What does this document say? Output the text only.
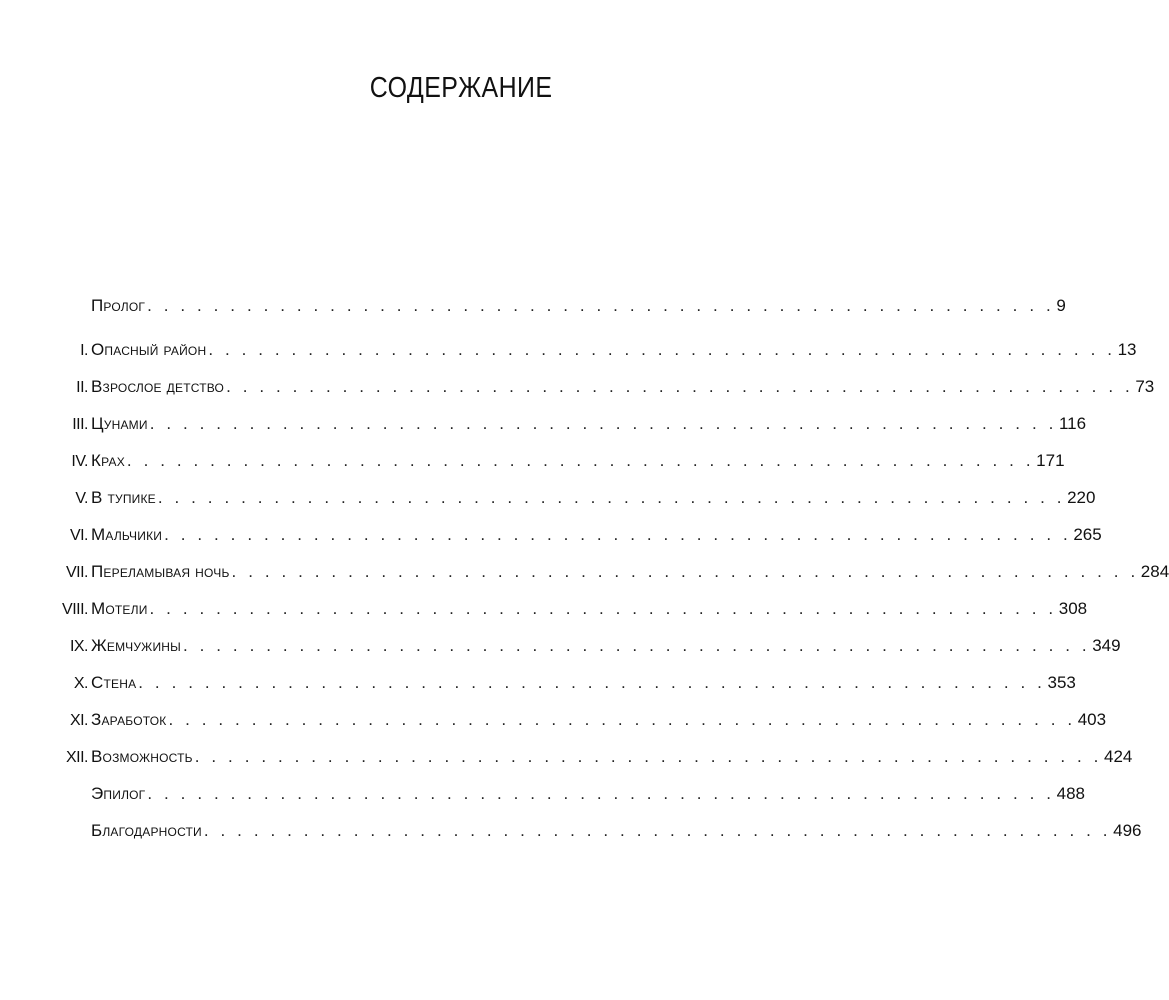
СОДЕРЖАНИЕ
Пролог . . . . . . . . . . . . . . . . . . . . . . . . . . . . . . . . . . . . . . . . . . . . . . . . . . . . . . . 9
I. Опасный район . . . . . . . . . . . . . . . . . . . . . . . . . . . . . . . . . . . . . . . . . . . . . . . . . . . . . . . 13
II. Взрослое детство . . . . . . . . . . . . . . . . . . . . . . . . . . . . . . . . . . . . . . . . . . . . . . . . . . . . . . . 73
III. Цунами . . . . . . . . . . . . . . . . . . . . . . . . . . . . . . . . . . . . . . . . . . . . . . . . . . . . . . . 116
IV. Крах . . . . . . . . . . . . . . . . . . . . . . . . . . . . . . . . . . . . . . . . . . . . . . . . . . . . . . . 171
V. В тупике . . . . . . . . . . . . . . . . . . . . . . . . . . . . . . . . . . . . . . . . . . . . . . . . . . . . . . . 220
VI. Мальчики . . . . . . . . . . . . . . . . . . . . . . . . . . . . . . . . . . . . . . . . . . . . . . . . . . . . . . . 265
VII. Переламывая ночь . . . . . . . . . . . . . . . . . . . . . . . . . . . . . . . . . . . . . . . . . . . . . . . . . . . . . . . 284
VIII. Мотели . . . . . . . . . . . . . . . . . . . . . . . . . . . . . . . . . . . . . . . . . . . . . . . . . . . . . . . 308
IX. Жемчужины . . . . . . . . . . . . . . . . . . . . . . . . . . . . . . . . . . . . . . . . . . . . . . . . . . . . . . . 349
X. Стена . . . . . . . . . . . . . . . . . . . . . . . . . . . . . . . . . . . . . . . . . . . . . . . . . . . . . . . 353
XI. Заработок . . . . . . . . . . . . . . . . . . . . . . . . . . . . . . . . . . . . . . . . . . . . . . . . . . . . . . . 403
XII. Возможность . . . . . . . . . . . . . . . . . . . . . . . . . . . . . . . . . . . . . . . . . . . . . . . . . . . . . . . 424
Эпилог . . . . . . . . . . . . . . . . . . . . . . . . . . . . . . . . . . . . . . . . . . . . . . . . . . . . . . . 488
Благодарности . . . . . . . . . . . . . . . . . . . . . . . . . . . . . . . . . . . . . . . . . . . . . . . . . . . . . . . 496
